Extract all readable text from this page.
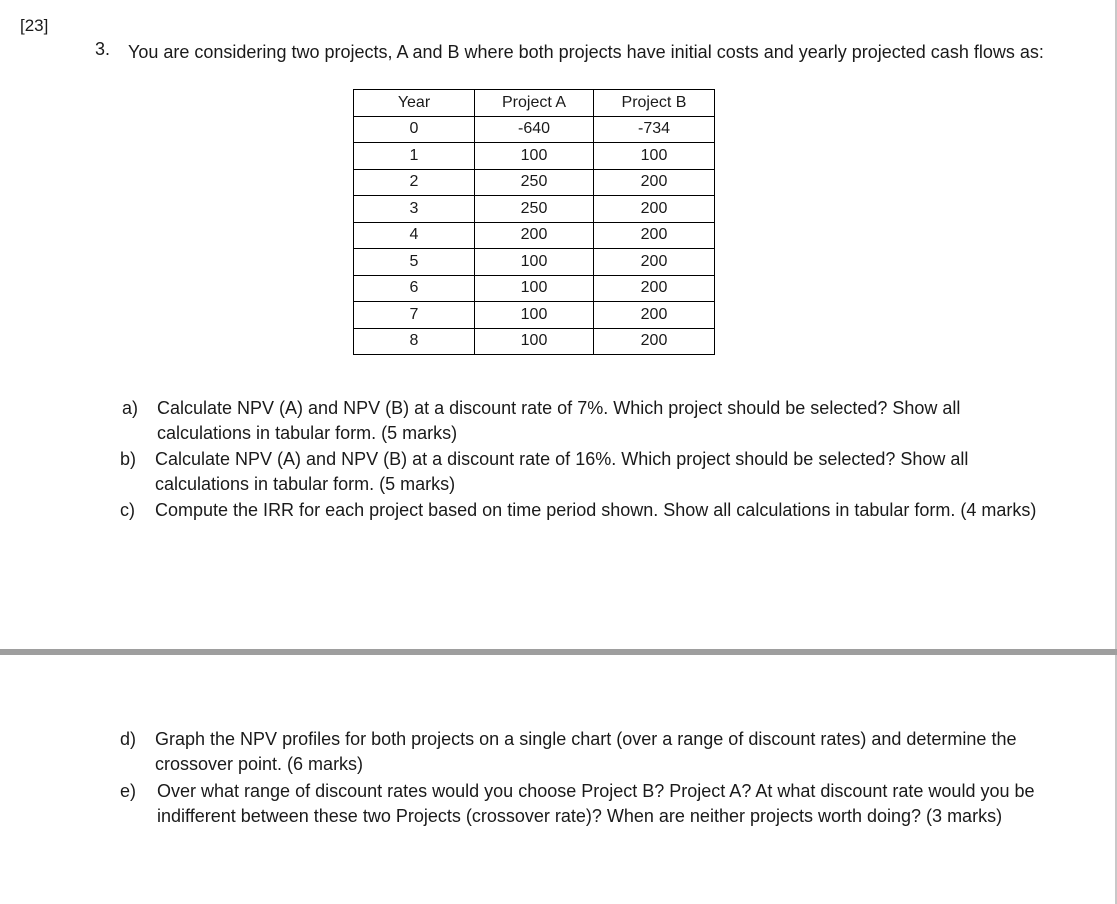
[23]
3. You are considering two projects, A and B where both projects have initial costs and yearly projected cash flows as:
Year	Project A	Project B
0	-640	-734
1	100	100
2	250	200
3	250	200
4	200	200
5	100	200
6	100	200
7	100	200
8	100	200
a) Calculate NPV (A) and NPV (B) at a discount rate of 7%. Which project should be selected? Show all calculations in tabular form. (5 marks)
b) Calculate NPV (A) and NPV (B) at a discount rate of 16%. Which project should be selected? Show all calculations in tabular form. (5 marks)
c) Compute the IRR for each project based on time period shown. Show all calculations in tabular form. (4 marks)
d) Graph the NPV profiles for both projects on a single chart (over a range of discount rates) and determine the crossover point. (6 marks)
e) Over what range of discount rates would you choose Project B? Project A? At what discount rate would you be indifferent between these two Projects (crossover rate)? When are neither projects worth doing? (3 marks)
